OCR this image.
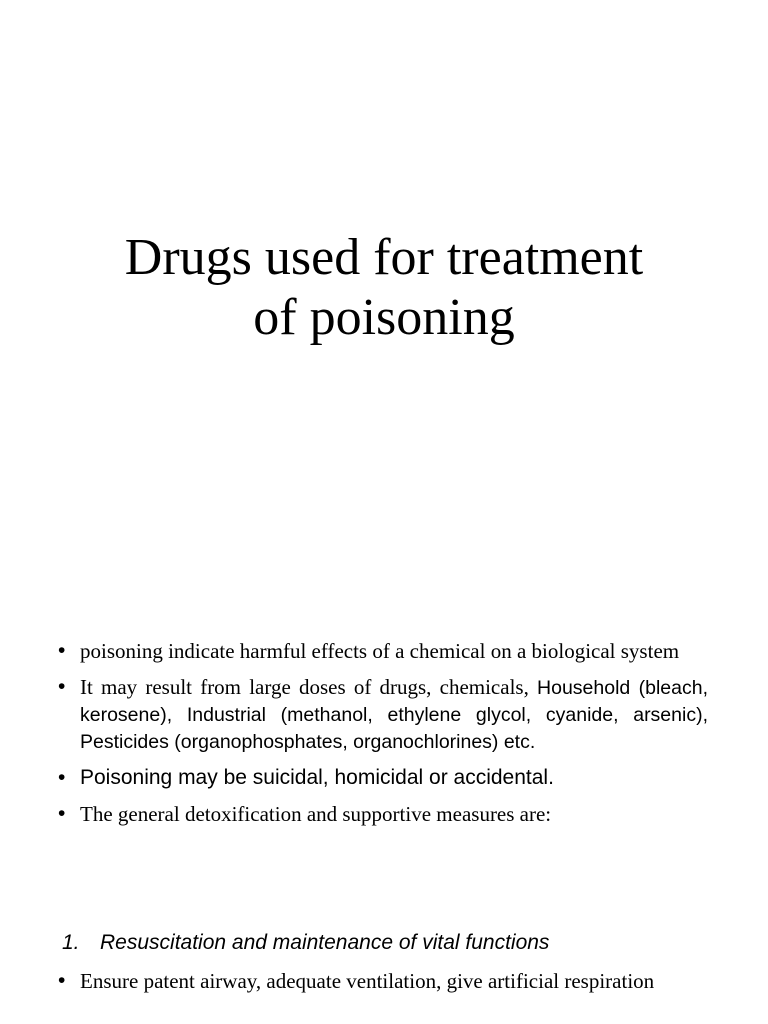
Drugs used for treatment
of poisoning
• poisoning indicate harmful effects of a chemical on a biological system
• It may result from large doses of drugs, chemicals, Household (bleach, kerosene), Industrial (methanol, ethylene glycol, cyanide, arsenic), Pesticides (organophosphates, organochlorines) etc.
• Poisoning may be suicidal, homicidal or accidental.
• The general detoxification and supportive measures are:
1. Resuscitation and maintenance of vital functions
• Ensure patent airway, adequate ventilation, give artificial respiration
